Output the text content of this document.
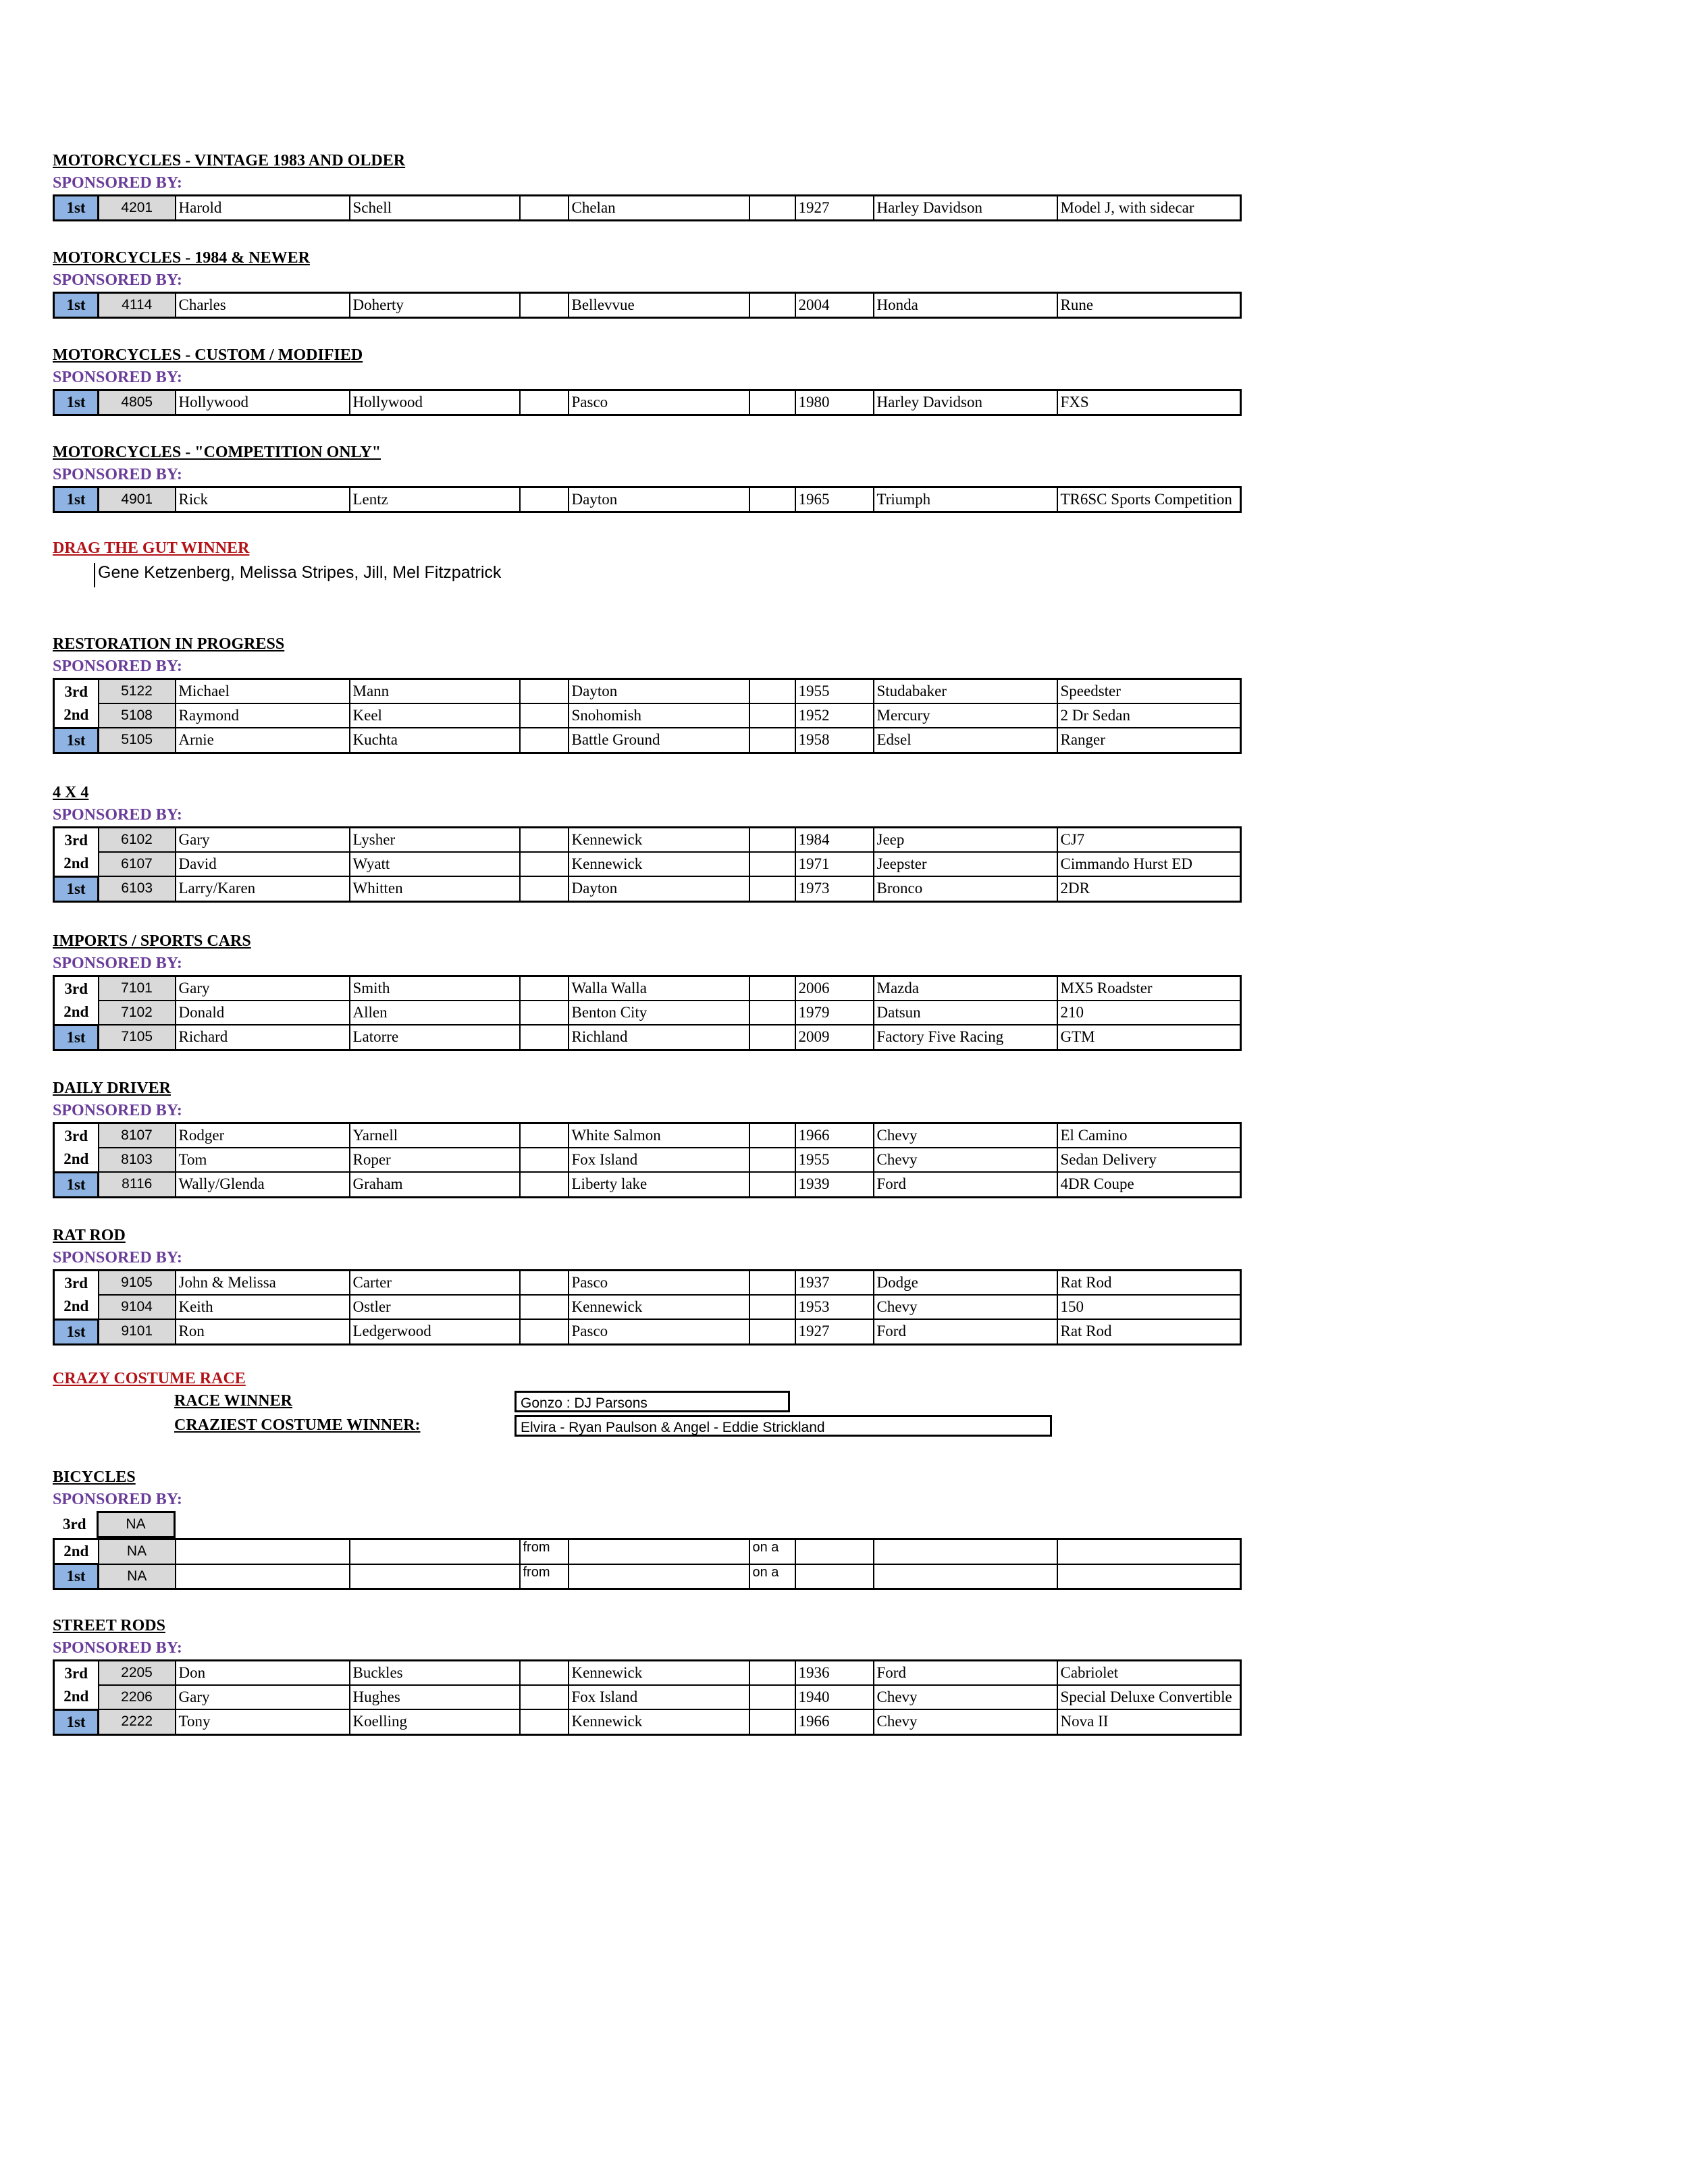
MOTORCYCLES - VINTAGE 1983 AND OLDER
SPONSORED BY:
1st	4201	Harold	Schell		Chelan		1927	Harley Davidson	Model J, with sidecar
MOTORCYCLES - 1984 & NEWER
SPONSORED BY:
1st	4114	Charles	Doherty		Bellevvue		2004	Honda	Rune
MOTORCYCLES - CUSTOM / MODIFIED
SPONSORED BY:
1st	4805	Hollywood	Hollywood		Pasco		1980	Harley Davidson	FXS
MOTORCYCLES - "COMPETITION ONLY"
SPONSORED BY:
1st	4901	Rick	Lentz		Dayton		1965	Triumph	TR6SC Sports Competition
DRAG THE GUT WINNER
Gene Ketzenberg, Melissa Stripes, Jill, Mel Fitzpatrick
RESTORATION IN PROGRESS
SPONSORED BY:
3rd	5122	Michael	Mann		Dayton		1955	Studabaker	Speedster
2nd	5108	Raymond	Keel		Snohomish		1952	Mercury	2 Dr Sedan
1st	5105	Arnie	Kuchta		Battle Ground		1958	Edsel	Ranger
4 X 4
SPONSORED BY:
3rd	6102	Gary	Lysher		Kennewick		1984	Jeep	CJ7
2nd	6107	David	Wyatt		Kennewick		1971	Jeepster	Cimmando Hurst ED
1st	6103	Larry/Karen	Whitten		Dayton		1973	Bronco	2DR
IMPORTS / SPORTS CARS
SPONSORED BY:
3rd	7101	Gary	Smith		Walla Walla		2006	Mazda	MX5 Roadster
2nd	7102	Donald	Allen		Benton City		1979	Datsun	210
1st	7105	Richard	Latorre		Richland		2009	Factory Five Racing	GTM
DAILY DRIVER
SPONSORED BY:
3rd	8107	Rodger	Yarnell		White Salmon		1966	Chevy	El Camino
2nd	8103	Tom	Roper		Fox Island		1955	Chevy	Sedan Delivery
1st	8116	Wally/Glenda	Graham		Liberty lake		1939	Ford	4DR Coupe
RAT ROD
SPONSORED BY:
3rd	9105	John & Melissa	Carter		Pasco		1937	Dodge	Rat Rod
2nd	9104	Keith	Ostler		Kennewick		1953	Chevy	150
1st	9101	Ron	Ledgerwood		Pasco		1927	Ford	Rat Rod
CRAZY COSTUME RACE
RACE WINNER	Gonzo : DJ Parsons
CRAZIEST COSTUME WINNER:	Elvira - Ryan Paulson & Angel - Eddie Strickland
BICYCLES
SPONSORED BY:
3rd	NA
2nd	NA			from		on a			
1st	NA			from		on a			
STREET RODS
SPONSORED BY:
3rd	2205	Don	Buckles		Kennewick		1936	Ford	Cabriolet
2nd	2206	Gary	Hughes		Fox Island		1940	Chevy	Special Deluxe Convertible
1st	2222	Tony	Koelling		Kennewick		1966	Chevy	Nova II
